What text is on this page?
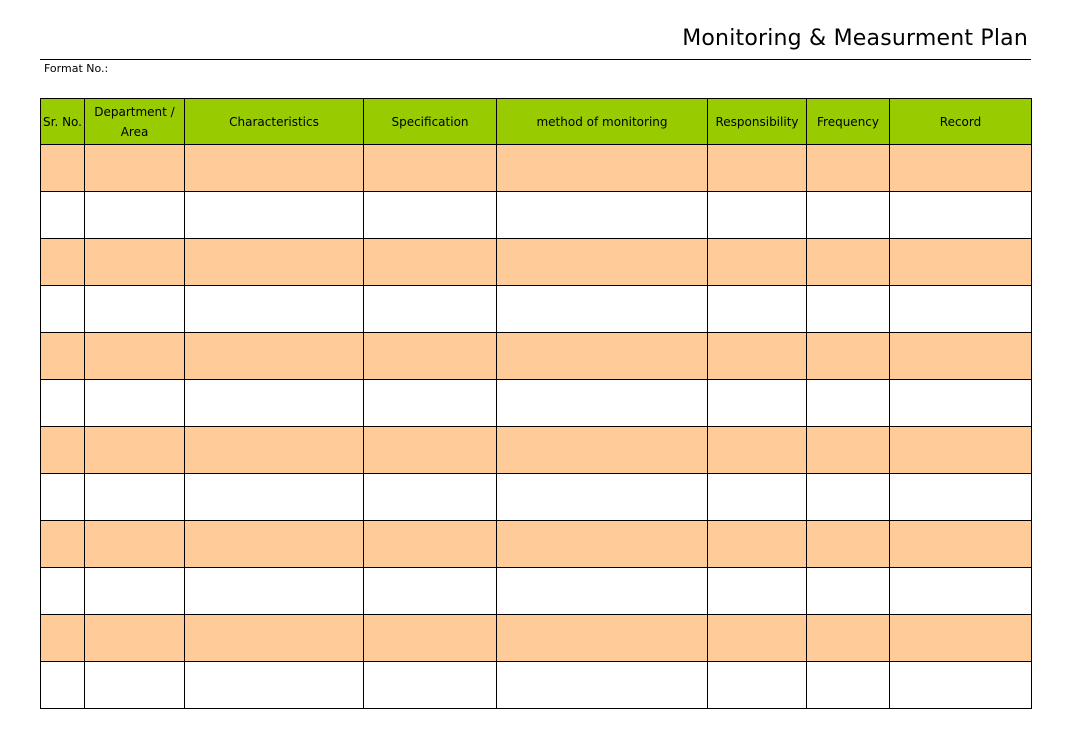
Monitoring & Measurment Plan
Format No.:
Sr. No.	Department / Area	Characteristics	Specification	method of monitoring	Responsibility	Frequency	Record
